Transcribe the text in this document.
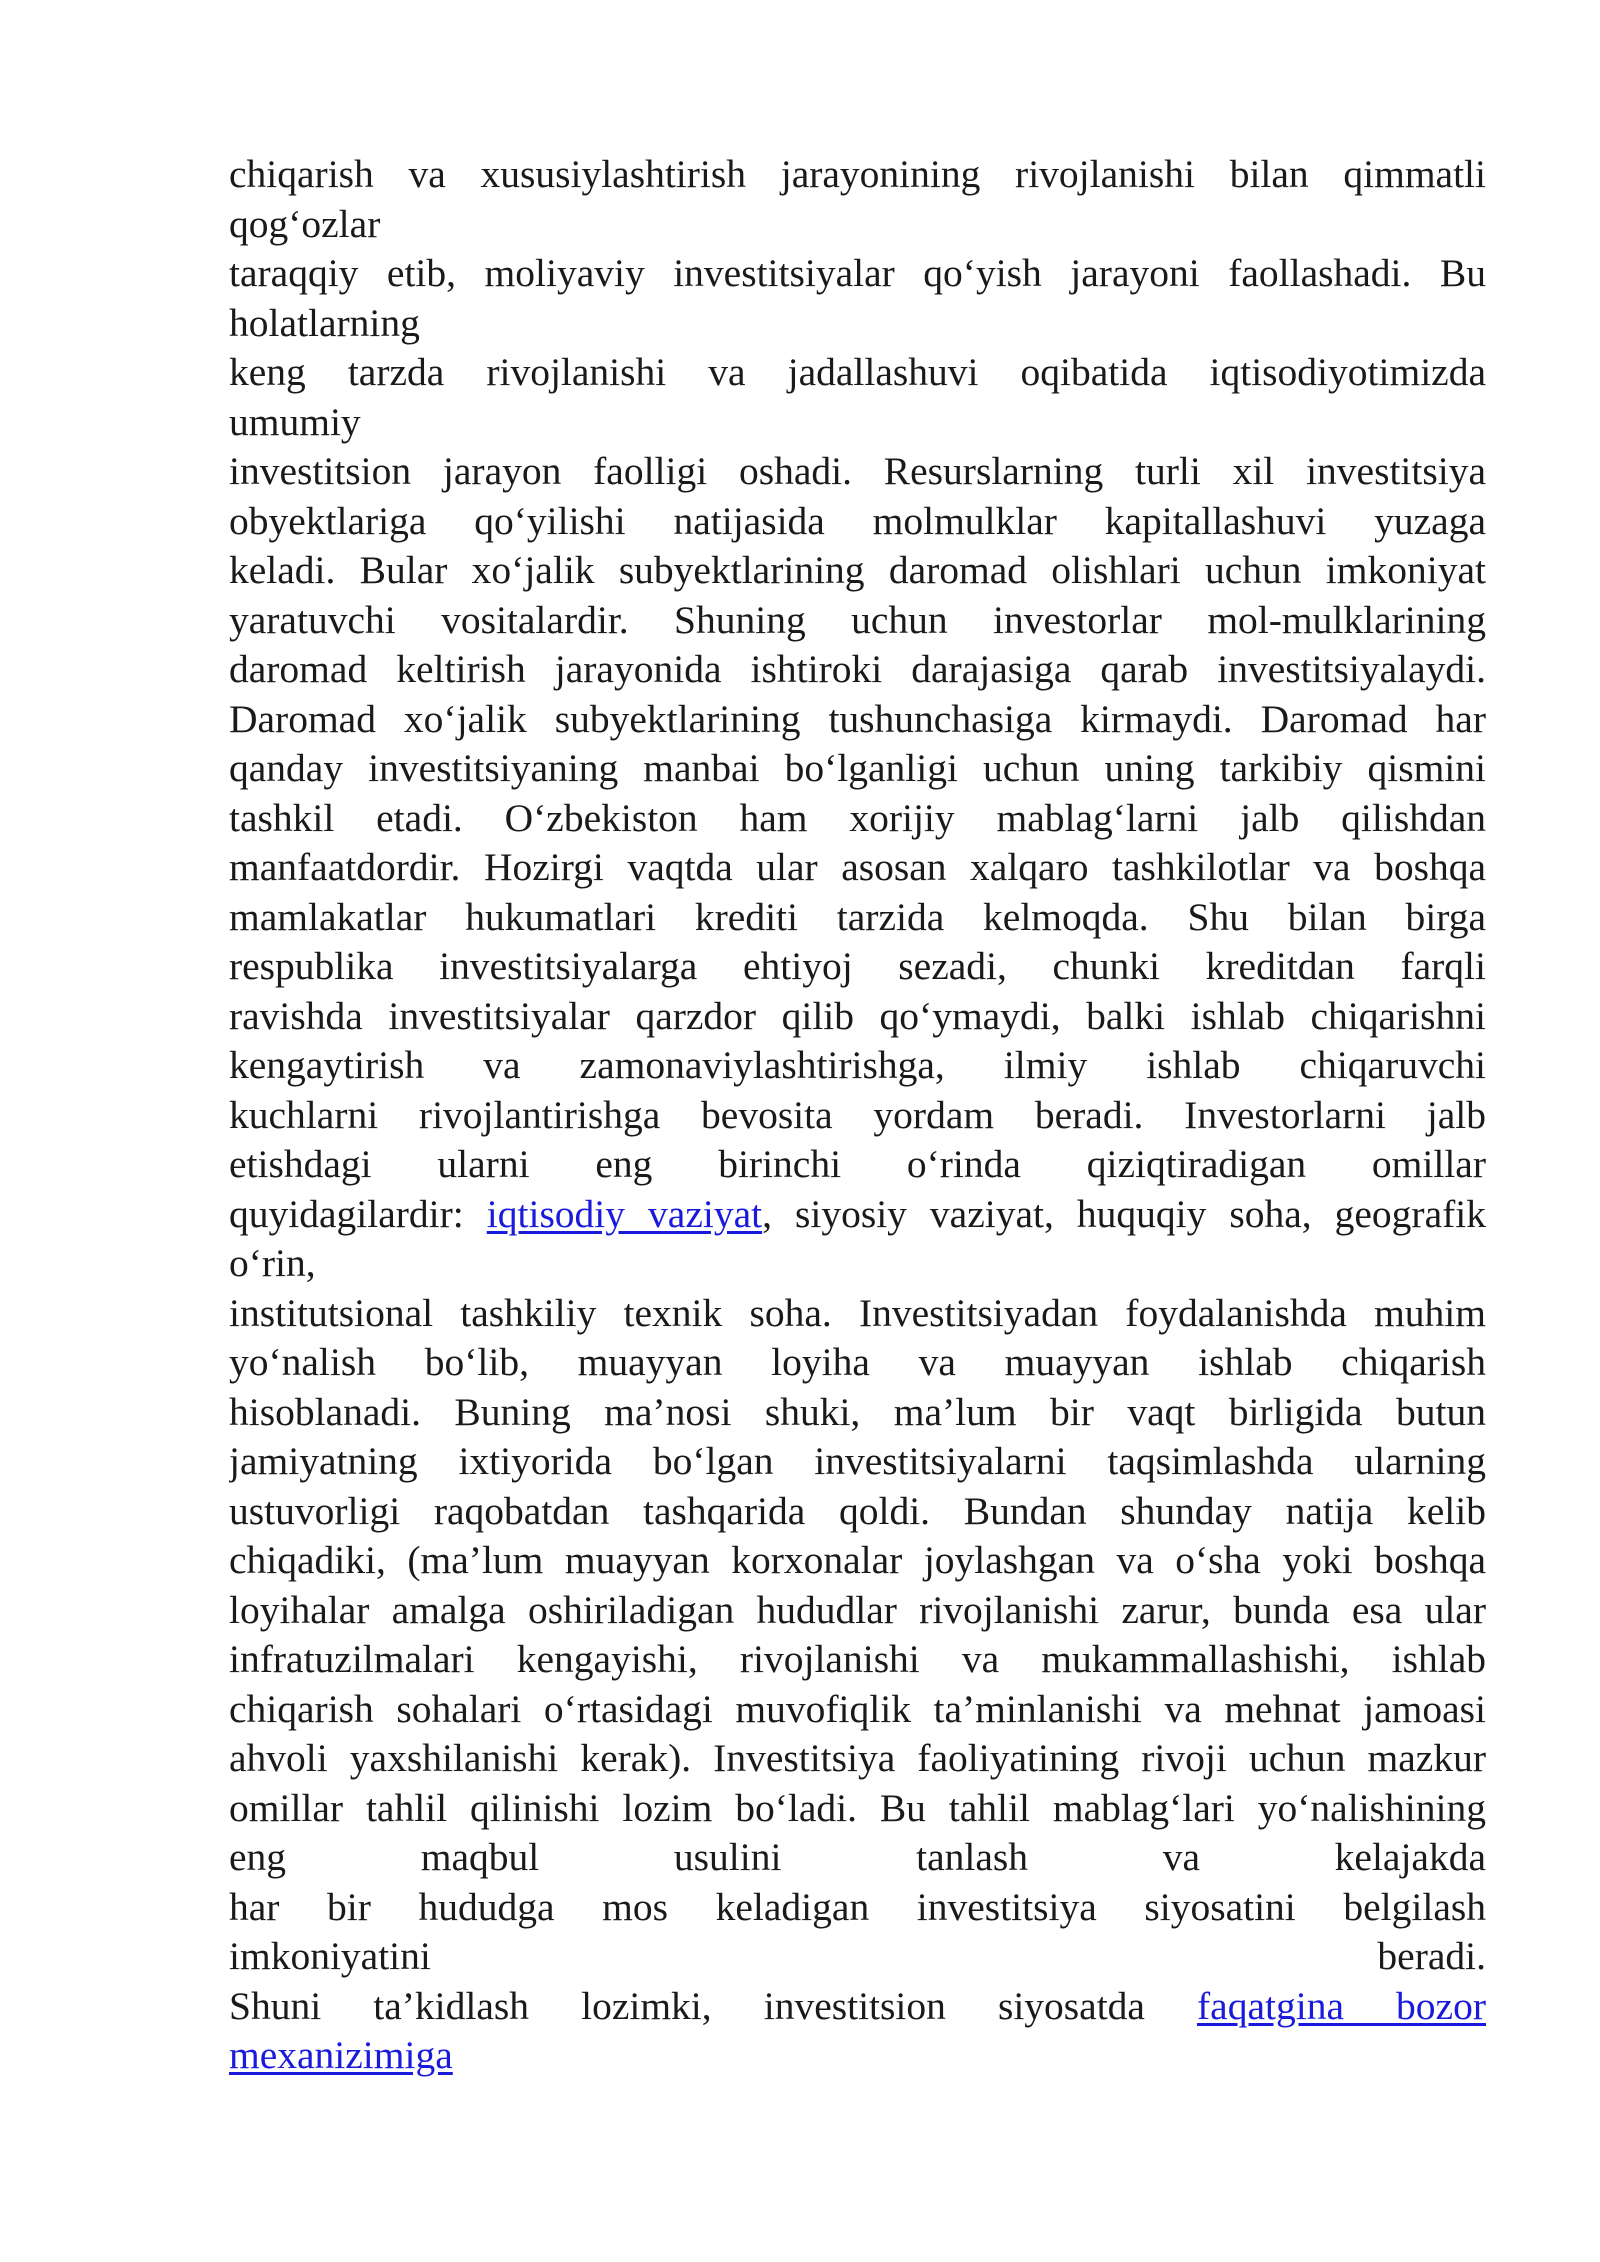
chiqarish va xususiylashtirish jarayonining rivojlanishi bilan qimmatli
qog‘ozlar
taraqqiy etib, moliyaviy investitsiyalar qo‘yish jarayoni faollashadi. Bu
holatlarning
keng tarzda rivojlanishi va jadallashuvi oqibatida iqtisodiyotimizda
umumiy
investitsion jarayon faolligi oshadi. Resurslarning turli xil investitsiya
obyektlariga qo‘yilishi natijasida molmulklar kapitallashuvi yuzaga
keladi. Bular xo‘jalik subyektlarining daromad olishlari uchun imkoniyat
yaratuvchi vositalardir. Shuning uchun investorlar mol-mulklarining
daromad keltirish jarayonida ishtiroki darajasiga qarab investitsiyalaydi.
Daromad xo‘jalik subyektlarining tushunchasiga kirmaydi. Daromad har
qanday investitsiyaning manbai bo‘lganligi uchun uning tarkibiy qismini
tashkil etadi. O‘zbekiston ham xorijiy mablag‘larni jalb qilishdan
manfaatdordir. Hozirgi vaqtda ular asosan xalqaro tashkilotlar va boshqa
mamlakatlar hukumatlari krediti tarzida kelmoqda. Shu bilan birga
respublika investitsiyalarga ehtiyoj sezadi, chunki kreditdan farqli
ravishda investitsiyalar qarzdor qilib qo‘ymaydi, balki ishlab chiqarishni
kengaytirish va zamonaviylashtirishga, ilmiy ishlab chiqaruvchi
kuchlarni rivojlantirishga bevosita yordam beradi. Investorlarni jalb
etishdagi ularni eng birinchi o‘rinda qiziqtiradigan omillar
quyidagilardir: iqtisodiy vaziyat, siyosiy vaziyat, huquqiy soha, geografik
o‘rin,
institutsional tashkiliy texnik soha. Investitsiyadan foydalanishda muhim
yo‘nalish bo‘lib, muayyan loyiha va muayyan ishlab chiqarish
hisoblanadi. Buning ma’nosi shuki, ma’lum bir vaqt birligida butun
jamiyatning ixtiyorida bo‘lgan investitsiyalarni taqsimlashda ularning
ustuvorligi raqobatdan tashqarida qoldi. Bundan shunday natija kelib
chiqadiki, (ma’lum muayyan korxonalar joylashgan va o‘sha yoki boshqa
loyihalar amalga oshiriladigan hududlar rivojlanishi zarur, bunda esa ular
infratuzilmalari kengayishi, rivojlanishi va mukammallashishi, ishlab
chiqarish sohalari o‘rtasidagi muvofiqlik ta’minlanishi va mehnat jamoasi
ahvoli yaxshilanishi kerak). Investitsiya faoliyatining rivoji uchun mazkur
omillar tahlil qilinishi lozim bo‘ladi. Bu tahlil mablag‘lari yo‘nalishining
eng maqbul usulini tanlash va kelajakda
har bir hududga mos keladigan investitsiya siyosatini belgilash
imkoniyatini beradi.
Shuni ta’kidlash lozimki, investitsion siyosatda faqatgina bozor
mexanizimiga
